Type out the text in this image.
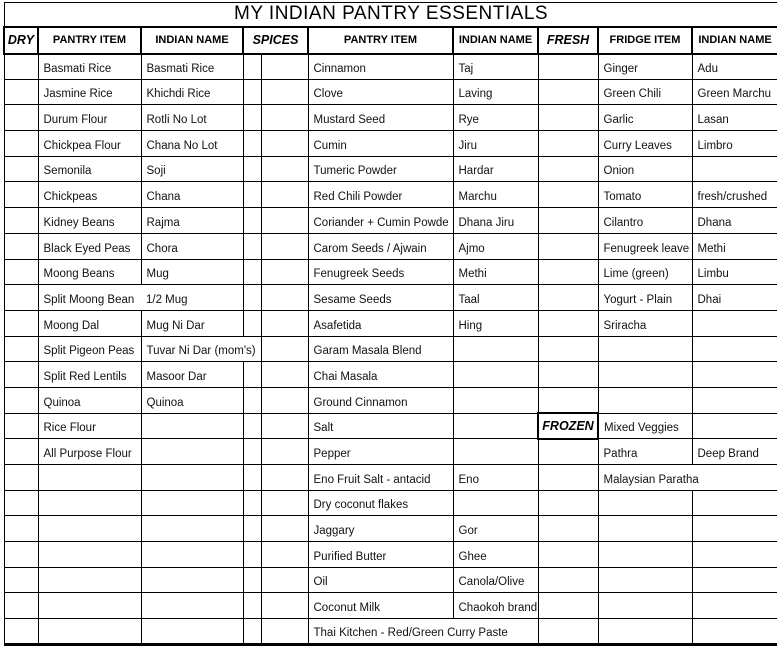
MY INDIAN PANTRY ESSENTIALS									
DRY	PANTRY ITEM	INDIAN NAME	SPICES		PANTRY ITEM	INDIAN NAME	FRESH	FRIDGE ITEM	INDIAN NAME
	Basmati Rice	Basmati Rice			Cinnamon	Taj		Ginger	Adu
	Jasmine Rice	Khichdi Rice			Clove	Laving		Green Chili	Green Marchu
	Durum Flour	Rotli No Lot			Mustard Seed	Rye		Garlic	Lasan
	Chickpea Flour	Chana No Lot			Cumin	Jiru		Curry Leaves	Limbro
	Semonila	Soji			Tumeric Powder	Hardar		Onion	
	Chickpeas	Chana			Red Chili Powder	Marchu		Tomato	fresh/crushed
	Kidney Beans	Rajma			Coriander + Cumin Powde	Dhana Jiru		Cilantro	Dhana
	Black Eyed Peas	Chora			Carom Seeds / Ajwain	Ajmo		Fenugreek leave	Methi
	Moong Beans	Mug			Fenugreek Seeds	Methi		Lime (green)	Limbu
	Split Moong Bean	1/2 Mug			Sesame Seeds	Taal		Yogurt - Plain	Dhai
	Moong Dal	Mug Ni Dar			Asafetida	Hing		Sriracha	
	Split Pigeon Peas	Tuvar Ni Dar (mom's)			Garam Masala Blend				
	Split Red Lentils	Masoor Dar			Chai Masala				
	Quinoa	Quinoa			Ground Cinnamon				
	Rice Flour				Salt		FROZEN	Mixed Veggies	
	All Purpose Flour				Pepper			Pathra	Deep Brand
					Eno Fruit Salt - antacid	Eno		Malaysian Paratha	
					Dry coconut flakes				
					Jaggary	Gor			
					Purified Butter	Ghee			
					Oil	Canola/Olive			
					Coconut Milk	Chaokoh brand			
					Thai Kitchen - Red/Green Curry Paste				
